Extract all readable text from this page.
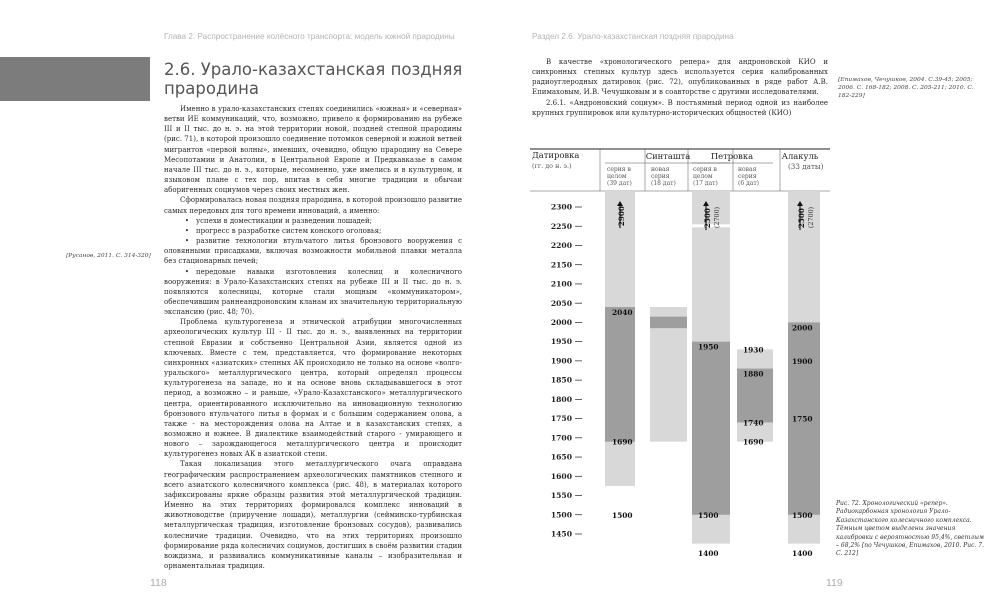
Глава 2. Распространение колёсного транспорта: модель южной прародины	Раздел 2.6. Урало-казахстанская поздняя прародина
2.6. Урало-казахстанская поздняя
прародина

Именно в урало-казахстанских степях соединились «южная» и «северная» ветви ИЕ коммуникаций, что, возможно, привело к формированию на рубеже III и II тыс. до н. э. на этой территории новой, поздней степной прародины (рис. 71), в которой произошло соединение потомков северной и южной ветвей мигрантов «первой волны», имевших, очевидно, общую прародину на Севере Месопотамии и Анатолии, в Центральной Европе и Предкавказье в самом начале III тыс. до н. э., которые, несомненно, уже имелись и в культурном, и языковом плане с тех пор, впитав в себя многие традиции и обычаи аборигенных социумов через своих местных жен.

Сформировалась новая поздняя прародина, в которой произошло развитие самых передовых для того времени инноваций, а именно:

• успехи в доместикации и разведении лошадей;

• прогресс в разработке систем конского оголовья;

• развитие технологии втульчатого литья бронзового вооружения с оловянными присадками, включая возможности мобильной плавки металла без стационарных печей;

• передовые навыки изготовления колесниц и колесничного вооружения: в Урало-Казахстанских степях на рубеже III и II тыс. до н. э. появляются колесницы, которые стали мощным «коммуникатором», обеспечившим раннеандроновским кланам их значительную территориальную экспансию (рис. 48; 70).

Проблема культурогенеза и этнической атрибуции многочисленных археологических культур III - II тыс. до н. э., выявленных на территории степной Евразии и собственно Центральной Азии, является одной из ключевых. Вместе с тем, представляется, что формирование некоторых синхронных «азиатских» степных АК происходило не только на основе «волго-уральского» металлургического центра, который определял процессы культурогенеза на западе, но и на основе вновь складывавшегося в этот период, а возможно – и раньше, «Урало-Казахстанского» металлургического центра, ориентированного исключительно на инновационную технологию бронзового втульчатого литья в формах и с большим содержанием олова, а также - на месторождения олова на Алтае и в казахстанских степях, а возможно и южнее. В диалектике взаимодействий старого - умирающего и нового – зарождающегося металлургического центра и происходит культурогенез новых АК в азиатской степи.

Такая локализация этого металлургического очага оправдана географическим распространением археологических памятников степного и всего азиатского колесничного комплекса (рис. 48), в материалах которого зафиксированы яркие образцы развития этой металлургической традиции. Именно на этих территориях формировался комплекс инноваций в животноводстве (приручение лошади), металлургии (сейминско-турбинская металлургическая традиция, изготовление бронзовых сосудов), развивались колесничие традиции. Очевидно, что на этих территориях произошло формирование ряда колесничих социумов, достигших в своём развитии стадии вождизма, и развивались коммуникативные каналы – изобразительная и орнаментальная традиция.

[Русанов, 2011. С. 314-320]
118

В качестве «хронологического репера» для андроновской КИО и синхронных степных культур здесь используется серия калиброванных радиоуглеродных датировок (рис. 72), опубликованных в ряде работ А.В. Епимаховым, И.В. Чечушковым и в соавторстве с другими исследователями.

2.6.1. «Андроновский социум». В постъямный период одной из наиболее крупных группировок или культурно-исторических общностей (КИО)

[Епимахов, Чечушков, 2004. С.39-45; 2005; 2006. С. 168-182; 2008. С. 205-211; 2010. С. 182-229]
Датировка
(гг. до н. э.)
Синташта Петровка	Алакуль
серия в
целом
(39 дат)
новая
серия
(18 дат)
серия в
целом
(17 дат)
новая
серия
(6 дат)
(33 даты)
2300
2250
2200
2150
2100
2050
2000
1950
1900
1850
1800
1750
1700
1650
1600
1550
1500
1450
2900	2500 (2700)	2500 (2700)
2040
1690
1500
1950
1500
1400
1930
1880
1740
1690
2000
1900
1750
1500
1400
Рис. 72. Хронологический «репер». Радиокарбонная хронология Урало-Казахстанского колесничного комплекса. Тёмным цветом выделены значения калибровки с вероятностью 95,4%, светлым – 68,2% [по Чечушков, Епимахов, 2010. Рис. 7. С. 212]
119
